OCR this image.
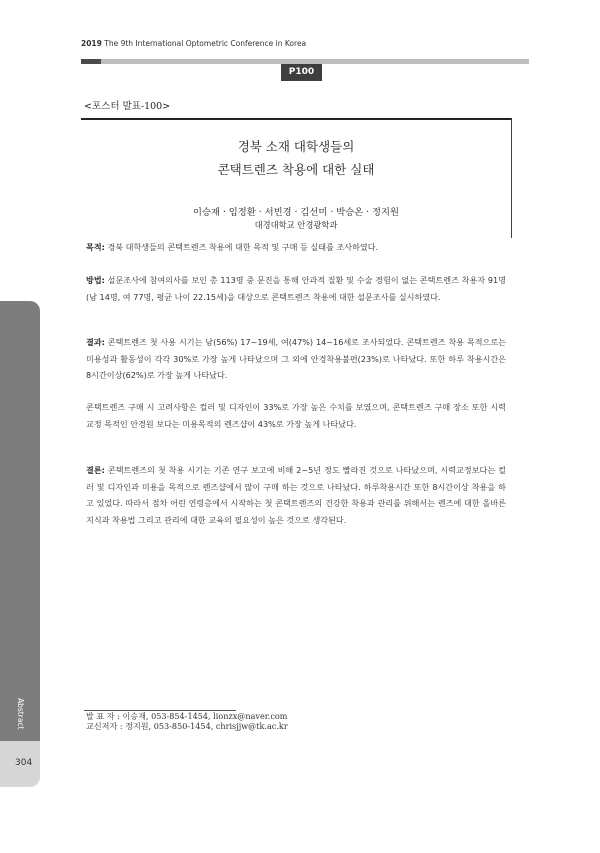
2019 The 9th International Optometric Conference in Korea
P100
<포스터 발표-100>
경북 소재 대학생들의
콘택트렌즈 착용에 대한 실태
이승재 · 임정환 · 서빈경 · 김선미 · 박승온 · 정지원
대경대학교 안경광학과

목적: 경북 대학생들의 콘택트렌즈 착용에 대한 목적 및 구매 등 실태를 조사하였다.

방법: 설문조사에 참여의사를 보인 총 113명 중 문진을 통해 안과적 질환 및 수술 경험이 없는 콘택트렌즈 착용자 91명(남 14명, 여 77명, 평균 나이 22.15세)을 대상으로 콘택트렌즈 착용에 대한 설문조사를 실시하였다.

결과: 콘택트렌즈 첫 사용 시기는 남(56%) 17~19세, 여(47%) 14~16세로 조사되었다. 콘택트렌즈 착용 목적으로는 미용성과 활동성이 각각 30%로 가장 높게 나타났으며 그 외에 안경착용불편(23%)로 나타났다. 또한 하루 착용시간은 8시간이상(62%)로 가장 높게 나타났다.

콘택트렌즈 구매 시 고려사항은 컬러 및 디자인이 33%로 가장 높은 수치를 보였으며, 콘택트렌즈 구매 장소 또한 시력교정 목적인 안경원 보다는 미용목적의 렌즈샵이 43%로 가장 높게 나타났다.

결론: 콘택트렌즈의 첫 착용 시기는 기존 연구 보고에 비해 2~5년 정도 빨라진 것으로 나타났으며, 시력교정보다는 컬러 및 디자인과 미용을 목적으로 렌즈샵에서 많이 구매 하는 것으로 나타났다. 하루착용시간 또한 8시간이상 착용을 하고 있었다. 따라서 점차 어린 연령층에서 시작하는 첫 콘택트렌즈의 건강한 착용과 관리를 위해서는 렌즈에 대한 올바른 지식과 착용법 그리고 관리에 대한 교육의 필요성이 높은 것으로 생각된다.

Abstract
304
발 표 자 : 이승재, 053-854-1454, lionzx@naver.com
교신저자 : 정지원, 053-850-1454, chrisjjw@tk.ac.kr
